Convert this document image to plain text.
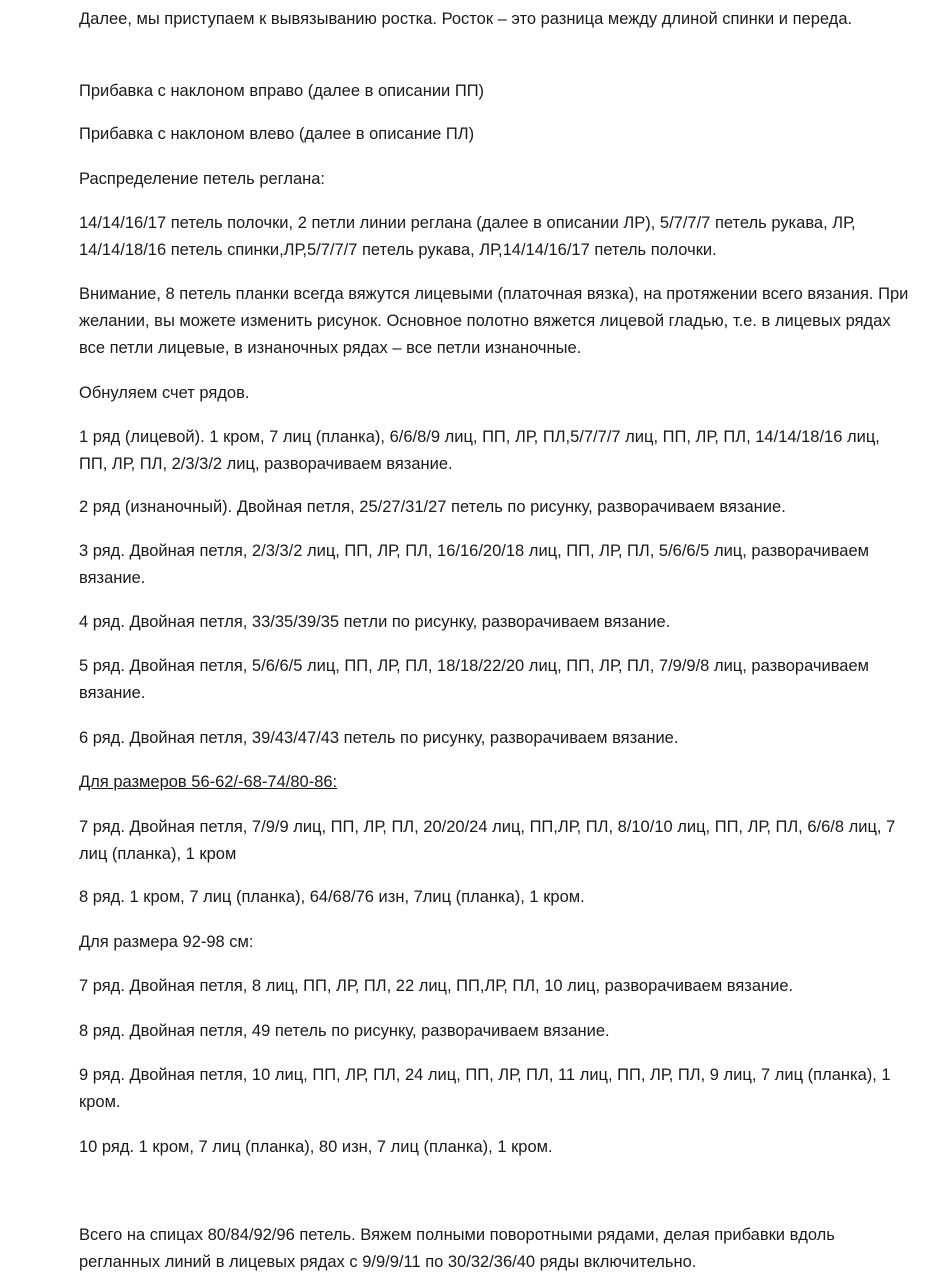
Далее, мы приступаем к вывязыванию ростка. Росток – это разница между длиной спинки и переда.

Прибавка с наклоном вправо (далее в описании ПП)

Прибавка с наклоном влево (далее в описание ПЛ)

Распределение петель реглана:

14/14/16/17 петель полочки, 2 петли линии реглана (далее в описании ЛР), 5/7/7/7 петель рукава, ЛР, 14/14/18/16 петель спинки,ЛР,5/7/7/7 петель рукава, ЛР,14/14/16/17 петель полочки.

Внимание, 8 петель планки всегда вяжутся лицевыми (платочная вязка), на протяжении всего вязания. При желании, вы можете изменить рисунок. Основное полотно вяжется лицевой гладью, т.е. в лицевых рядах все петли лицевые, в изнаночных рядах – все петли изнаночные.

Обнуляем счет рядов.

1 ряд (лицевой). 1 кром, 7 лиц (планка), 6/6/8/9 лиц, ПП, ЛР, ПЛ,5/7/7/7 лиц, ПП, ЛР, ПЛ, 14/14/18/16 лиц, ПП, ЛР, ПЛ, 2/3/3/2 лиц, разворачиваем вязание.

2 ряд (изнаночный). Двойная петля, 25/27/31/27 петель по рисунку, разворачиваем вязание.

3 ряд. Двойная петля, 2/3/3/2 лиц, ПП, ЛР, ПЛ, 16/16/20/18 лиц, ПП, ЛР, ПЛ, 5/6/6/5 лиц, разворачиваем вязание.

4 ряд. Двойная петля, 33/35/39/35 петли по рисунку, разворачиваем вязание.

5 ряд. Двойная петля, 5/6/6/5 лиц, ПП, ЛР, ПЛ, 18/18/22/20 лиц, ПП, ЛР, ПЛ, 7/9/9/8 лиц, разворачиваем вязание.

6 ряд. Двойная петля, 39/43/47/43 петель по рисунку, разворачиваем вязание.

Для размеров 56-62/-68-74/80-86:

7 ряд. Двойная петля, 7/9/9 лиц, ПП, ЛР, ПЛ, 20/20/24 лиц, ПП,ЛР, ПЛ, 8/10/10 лиц, ПП, ЛР, ПЛ, 6/6/8 лиц, 7 лиц (планка), 1 кром

8 ряд. 1 кром, 7 лиц (планка), 64/68/76 изн, 7лиц (планка), 1 кром.

Для размера 92-98 см:

7 ряд. Двойная петля, 8 лиц, ПП, ЛР, ПЛ, 22 лиц, ПП,ЛР, ПЛ, 10 лиц, разворачиваем вязание.

8 ряд. Двойная петля, 49 петель по рисунку, разворачиваем вязание.

9 ряд. Двойная петля, 10 лиц, ПП, ЛР, ПЛ, 24 лиц, ПП, ЛР, ПЛ, 11 лиц, ПП, ЛР, ПЛ, 9 лиц, 7 лиц (планка), 1 кром.

10 ряд. 1 кром, 7 лиц (планка), 80 изн, 7 лиц (планка), 1 кром.

Всего на спицах 80/84/92/96 петель. Вяжем полными поворотными рядами, делая прибавки вдоль регланных линий в лицевых рядах с 9/9/9/11 по 30/32/36/40 ряды включительно.
